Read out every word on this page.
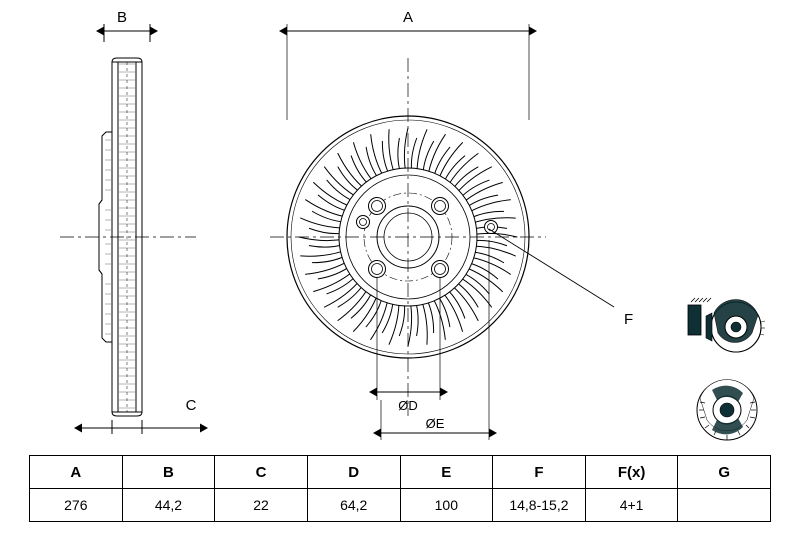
B
C
A
F
ØD
ØE
A	B	C	D	E	F	F(x)	G
276	44,2	22	64,2	100	14,8-15,2	4+1	
